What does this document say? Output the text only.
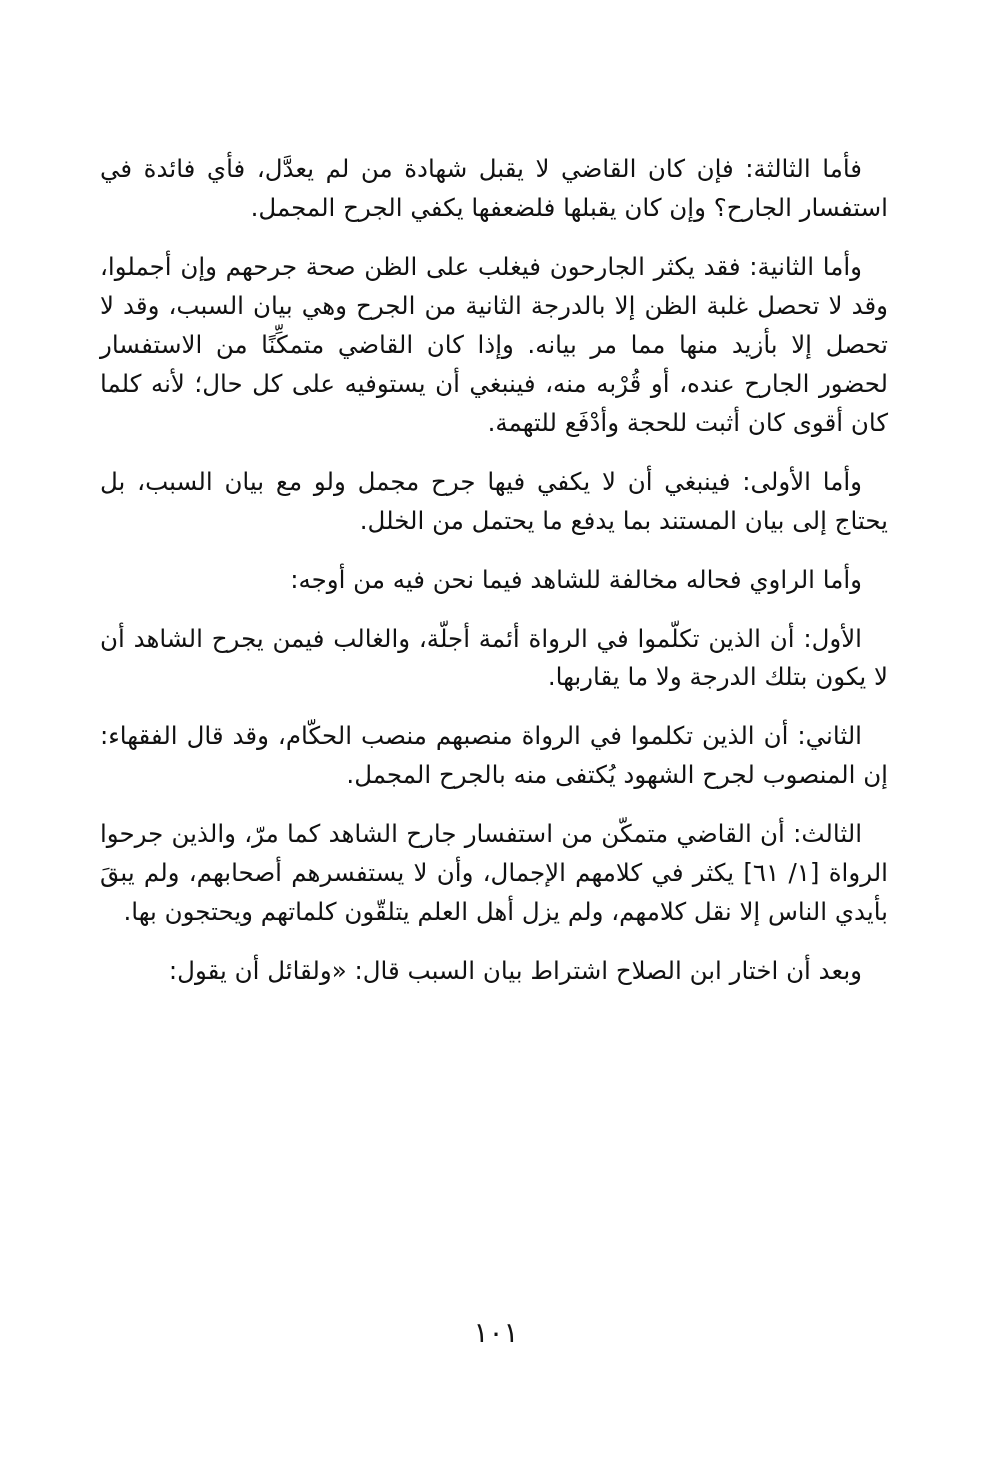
فأما الثالثة: فإن كان القاضي لا يقبل شهادة من لم يعدَّل، فأي فائدة في استفسار الجارح؟ وإن كان يقبلها فلضعفها يكفي الجرح المجمل.

وأما الثانية: فقد يكثر الجارحون فيغلب على الظن صحة جرحهم وإن أجملوا، وقد لا تحصل غلبة الظن إلا بالدرجة الثانية من الجرح وهي بيان السبب، وقد لا تحصل إلا بأزيد منها مما مر بيانه. وإذا كان القاضي متمكِّنًا من الاستفسار لحضور الجارح عنده، أو قُرْبه منه، فينبغي أن يستوفيه على كل حال؛ لأنه كلما كان أقوى كان أثبت للحجة وأدْفَع للتهمة.

وأما الأولى: فينبغي أن لا يكفي فيها جرح مجمل ولو مع بيان السبب، بل يحتاج إلى بيان المستند بما يدفع ما يحتمل من الخلل.

وأما الراوي فحاله مخالفة للشاهد فيما نحن فيه من أوجه:

الأول: أن الذين تكلّموا في الرواة أئمة أجلّة، والغالب فيمن يجرح الشاهد أن لا يكون بتلك الدرجة ولا ما يقاربها.

الثاني: أن الذين تكلموا في الرواة منصبهم منصب الحكّام، وقد قال الفقهاء: إن المنصوب لجرح الشهود يُكتفى منه بالجرح المجمل.

الثالث: أن القاضي متمكّن من استفسار جارح الشاهد كما مرّ، والذين جرحوا الرواة [١/ ٦١] يكثر في كلامهم الإجمال، وأن لا يستفسرهم أصحابهم، ولم يبقَ بأيدي الناس إلا نقل كلامهم، ولم يزل أهل العلم يتلقّون كلماتهم ويحتجون بها.

وبعد أن اختار ابن الصلاح اشتراط بيان السبب قال: «ولقائل أن يقول:

١٠١
